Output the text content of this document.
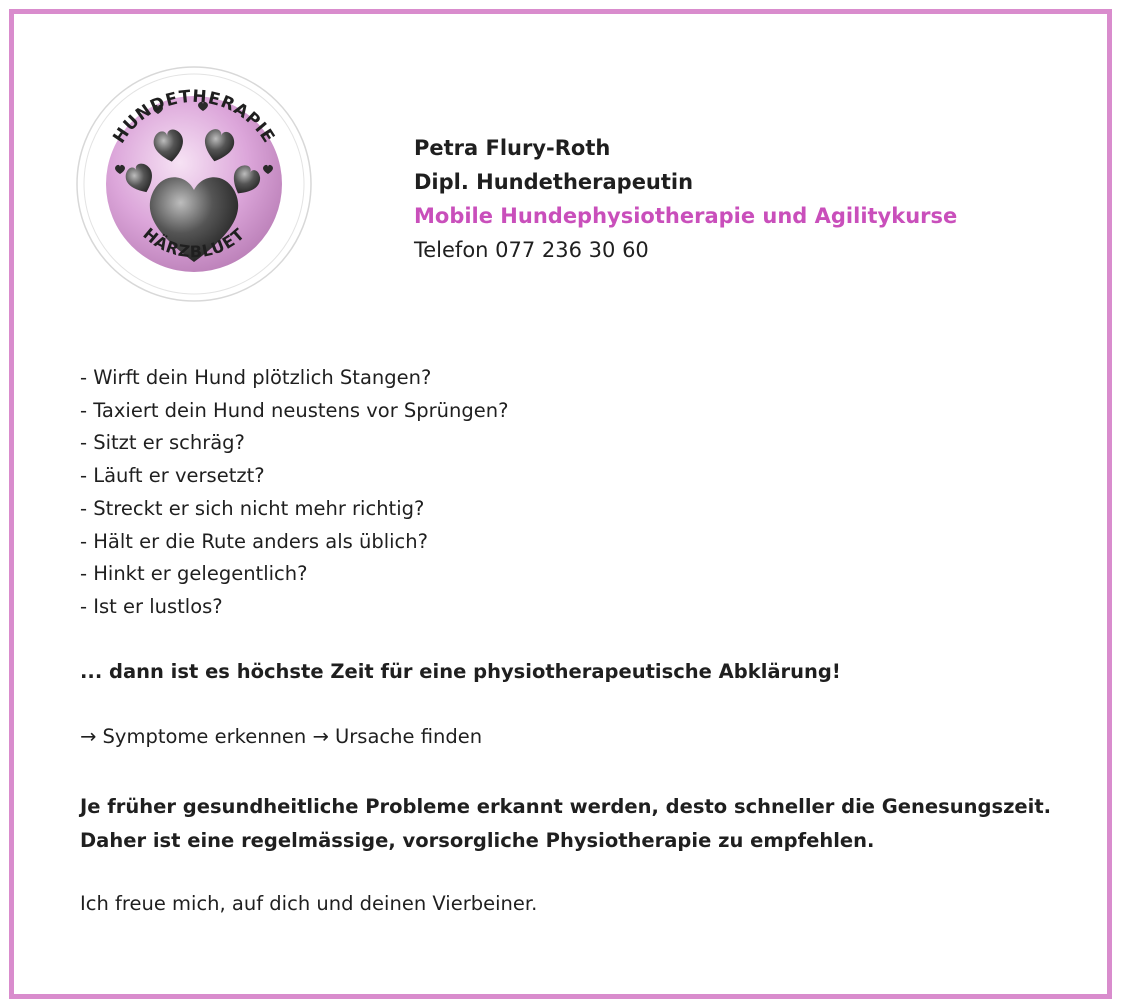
HUNDETHERAPIE
HÄRZBLUET
Petra Flury-Roth
Dipl. Hundetherapeutin
Mobile Hundephysiotherapie und Agilitykurse
Telefon 077 236 30 60
- Wirft dein Hund plötzlich Stangen?
- Taxiert dein Hund neustens vor Sprüngen?
- Sitzt er schräg?
- Läuft er versetzt?
- Streckt er sich nicht mehr richtig?
- Hält er die Rute anders als üblich?
- Hinkt er gelegentlich?
- Ist er lustlos?

... dann ist es höchste Zeit für eine physiotherapeutische Abklärung!

→ Symptome erkennen → Ursache finden

Je früher gesundheitliche Probleme erkannt werden, desto schneller die Genesungszeit.
Daher ist eine regelmässige, vorsorgliche Physiotherapie zu empfehlen.

Ich freue mich, auf dich und deinen Vierbeiner.
